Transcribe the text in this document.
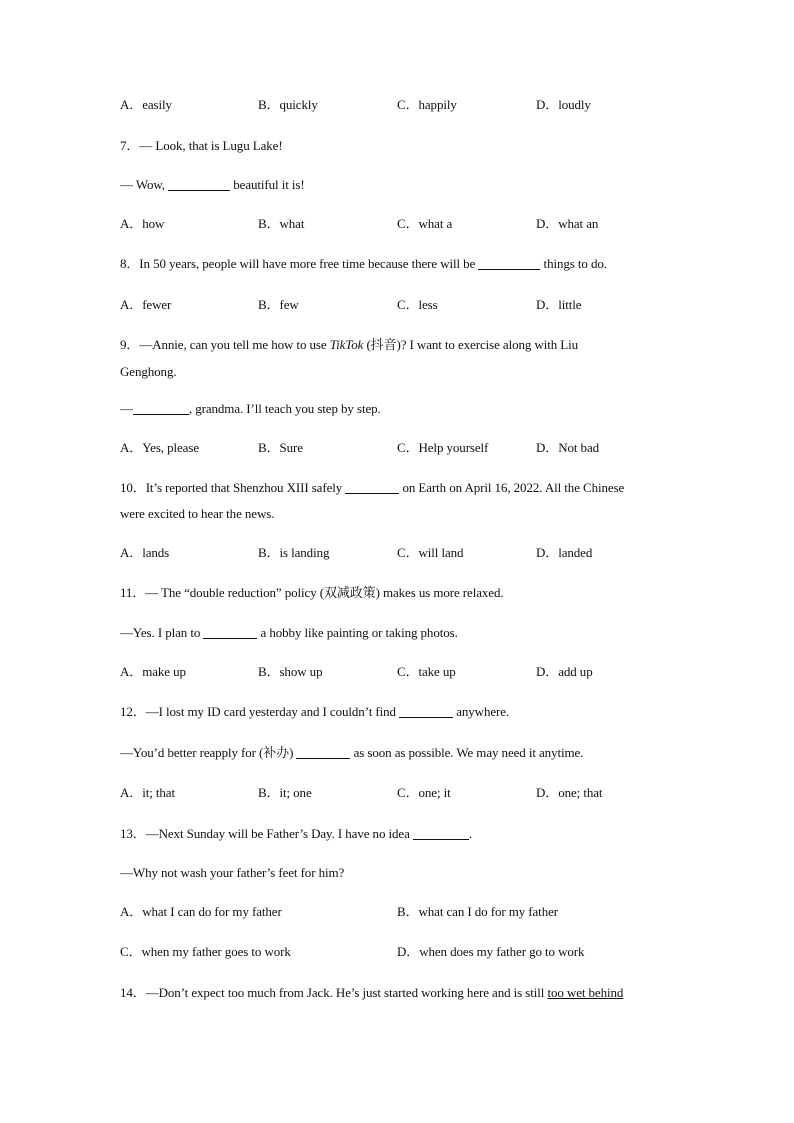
A．easily	B．quickly	C．happily	D．loudly
7．— Look, that is Lugu Lake!
— Wow,	beautiful it is!
A．how	B．what	C．what a	D．what an
8．In 50 years, people will have more free time because there will be	things to do.
A．fewer	B．few	C．less	D．little
9．—Annie, can you tell me how to use TikTok (抖音)? I want to exercise along with Liu
Genghong.
—	, grandma. I’ll teach you step by step.
A．Yes, please	B．Sure	C．Help yourself	D．Not bad
10．It’s reported that Shenzhou XIII safely	on Earth on April 16, 2022. All the Chinese
were excited to hear the news.
A．lands	B．is landing	C．will land	D．landed
11．— The “double reduction” policy (双减政策) makes us more relaxed.
—Yes. I plan to	a hobby like painting or taking photos.
A．make up	B．show up	C．take up	D．add up
12．—I lost my ID card yesterday and I couldn’t find	anywhere.
—You’d better reapply for (补办)	as soon as possible. We may need it anytime.
A．it; that	B．it; one	C．one; it	D．one; that
13．—Next Sunday will be Father’s Day. I have no idea	.
—Why not wash your father’s feet for him?
A．what I can do for my father	B．what can I do for my father
C．when my father goes to work	D．when does my father go to work
14．—Don’t expect too much from Jack. He’s just started working here and is still too wet behind
